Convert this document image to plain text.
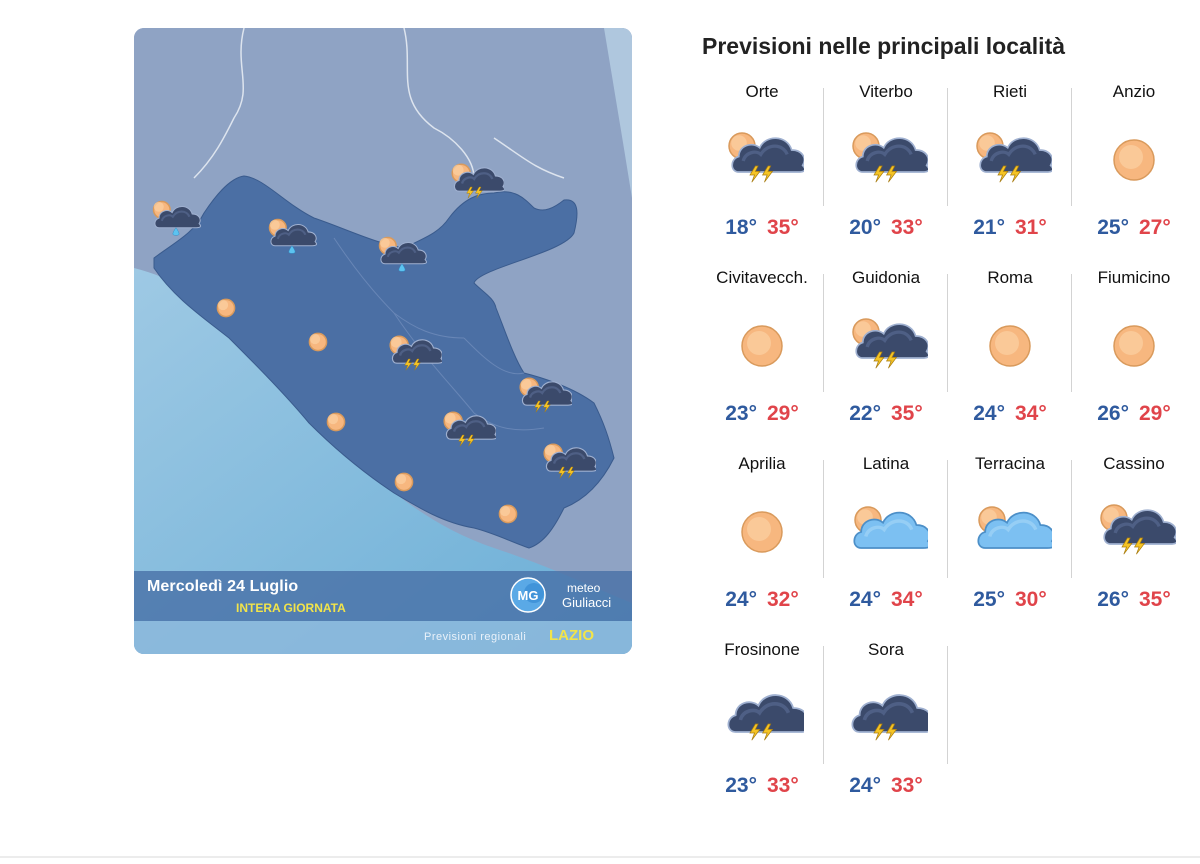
Mercoledì 24 Luglio
INTERA GIORNATA
MG meteo
Giuliacci
Previsioni regionali LAZIO
Previsioni nelle principali località
Orte
18° 35°
Viterbo
20° 33°
Rieti
21° 31°
Anzio
25° 27°
Civitavecch.
23° 29°
Guidonia
22° 35°
Roma
24° 34°
Fiumicino
26° 29°
Aprilia
24° 32°
Latina
24° 34°
Terracina
25° 30°
Cassino
26° 35°
Frosinone
23° 33°
Sora
24° 33°
